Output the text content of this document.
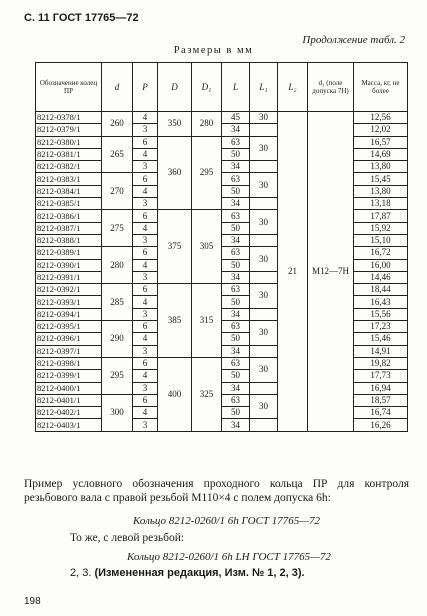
С. 11 ГОСТ 17765—72
Продолжение табл. 2
Размеры в мм
Обозначение колец ПР	d	P	D	D₁	L	L₁	L₂	d₁ (поле допуска 7H)	Масса, кг, не более
8212-0378/1	260	4	350	280	45	30	21	M12—7H	12,56
8212-0379/1		3			34				12,02
8212-0380/1	265	6	360	295	63	30			16,57
8212-0381/1		4			50				14,69
8212-0382/1		3			34				13,80
8212-0383/1	270	6			63	30			15,45
8212-0384/1		4			50				13,80
8212-0385/1		3			34				13,18
8212-0386/1	275	6	375	305	63	30			17,87
8212-0387/1		4			50				15,92
8212-0388/1		3			34				15,10
8212-0389/1	280	6			63	30			16,72
8212-0390/1		4			50				16,00
8212-0391/1		3			34				14,46
8212-0392/1	285	6	385	315	63	30			18,44
8212-0393/1		4			50				16,43
8212-0394/1		3			34				15,56
8212-0395/1	290	6			63	30			17,23
8212-0396/1		4			50				15,46
8212-0397/1		3			34				14,91
8212-0398/1	295	6	400	325	63	30			19,82
8212-0399/1		4			50				17,73
8212-0400/1		3			34				16,94
8212-0401/1	300	6			63	30			18,57
8212-0402/1		4			50				16,74
8212-0403/1		3			34				16,26
Пример условного обозначения проходного кольца ПР для контроля резьбового вала с правой резьбой М110×4 с полем допуска 6h:
Кольцо 8212-0260/1 6h ГОСТ 17765—72
То же, с левой резьбой:
Кольцо 8212-0260/1 6h LH ГОСТ 17765—72
2, 3. (Измененная редакция, Изм. № 1, 2, 3).
198
